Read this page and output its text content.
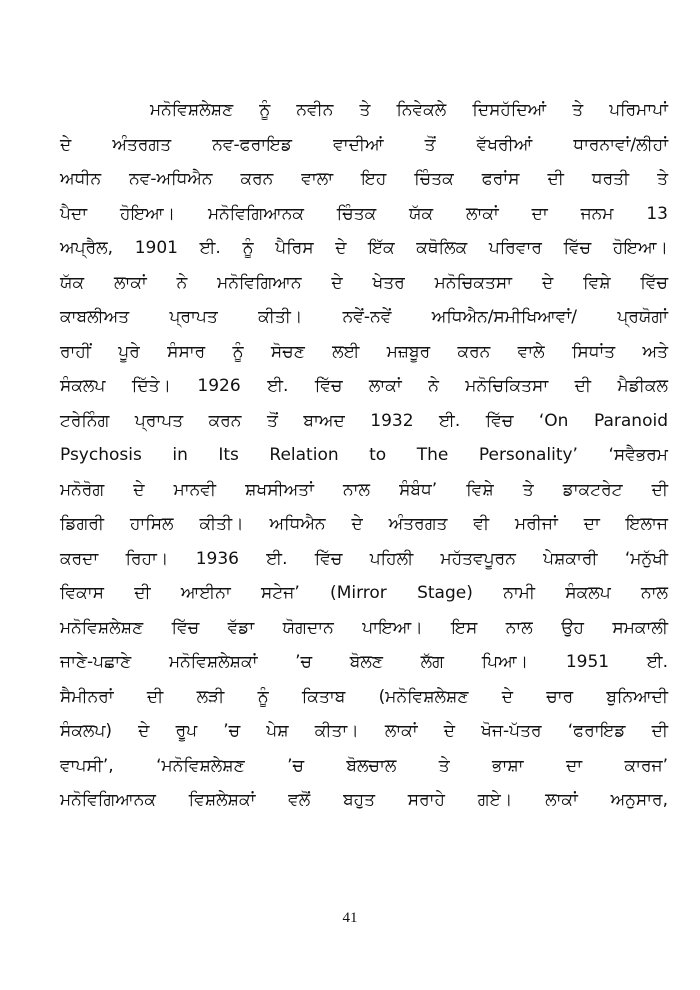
ਮਨੋਵਿਸ਼ਲੇਸ਼ਣ ਨੂੰ ਨਵੀਨ ਤੇ ਨਿਵੇਕਲੇ ਦਿਸਹੱਦਿਆਂ ਤੇ ਪਰਿਮਾਪਾਂ
ਦੇ ਅੰਤਰਗਤ ਨਵ-ਫਰਾਇਡ ਵਾਦੀਆਂ ਤੋਂ ਵੱਖਰੀਆਂ ਧਾਰਨਾਵਾਂ/ਲੀਹਾਂ
ਅਧੀਨ ਨਵ-ਅਧਿਐਨ ਕਰਨ ਵਾਲਾ ਇਹ ਚਿੰਤਕ ਫਰਾਂਸ ਦੀ ਧਰਤੀ ਤੇ
ਪੈਦਾ ਹੋਇਆ। ਮਨੋਵਿਗਿਆਨਕ ਚਿੰਤਕ ਯੱਕ ਲਾਕਾਂ ਦਾ ਜਨਮ 13
ਅਪ੍ਰੈਲ, 1901 ਈ. ਨੂੰ ਪੈਰਿਸ ਦੇ ਇੱਕ ਕਥੋਲਿਕ ਪਰਿਵਾਰ ਵਿੱਚ ਹੋਇਆ।
ਯੱਕ ਲਾਕਾਂ ਨੇ ਮਨੋਵਿਗਿਆਨ ਦੇ ਖੇਤਰ ਮਨੋਚਿਕਤਸਾ ਦੇ ਵਿਸ਼ੇ ਵਿੱਚ
ਕਾਬਲੀਅਤ ਪ੍ਰਾਪਤ ਕੀਤੀ। ਨਵੇਂ-ਨਵੇਂ ਅਧਿਐਨ/ਸਮੀਖਿਆਵਾਂ/ ਪ੍ਰਯੋਗਾਂ
ਰਾਹੀਂ ਪੂਰੇ ਸੰਸਾਰ ਨੂੰ ਸੋਚਣ ਲਈ ਮਜ਼ਬੂਰ ਕਰਨ ਵਾਲੇ ਸਿਧਾਂਤ ਅਤੇ
ਸੰਕਲਪ ਦਿੱਤੇ। 1926 ਈ. ਵਿੱਚ ਲਾਕਾਂ ਨੇ ਮਨੋਚਿਕਿਤਸਾ ਦੀ ਮੈਡੀਕਲ
ਟਰੇਨਿੰਗ ਪ੍ਰਾਪਤ ਕਰਨ ਤੋਂ ਬਾਅਦ 1932 ਈ. ਵਿੱਚ ‘On Paranoid
Psychosis in Its Relation to The Personality’ ‘ਸਵੈਭਰਮ
ਮਨੋਰੋਗ ਦੇ ਮਾਨਵੀ ਸ਼ਖਸੀਅਤਾਂ ਨਾਲ ਸੰਬੰਧ’ ਵਿਸ਼ੇ ਤੇ ਡਾਕਟਰੇਟ ਦੀ
ਡਿਗਰੀ ਹਾਸਿਲ ਕੀਤੀ। ਅਧਿਐਨ ਦੇ ਅੰਤਰਗਤ ਵੀ ਮਰੀਜਾਂ ਦਾ ਇਲਾਜ
ਕਰਦਾ ਰਿਹਾ। 1936 ਈ. ਵਿੱਚ ਪਹਿਲੀ ਮਹੱਤਵਪੂਰਨ ਪੇਸ਼ਕਾਰੀ ‘ਮਨੁੱਖੀ
ਵਿਕਾਸ ਦੀ ਆਈਨਾ ਸਟੇਜ’ (Mirror Stage) ਨਾਮੀ ਸੰਕਲਪ ਨਾਲ
ਮਨੋਵਿਸ਼ਲੇਸ਼ਣ ਵਿੱਚ ਵੱਡਾ ਯੋਗਦਾਨ ਪਾਇਆ। ਇਸ ਨਾਲ ਉਹ ਸਮਕਾਲੀ
ਜਾਣੇ-ਪਛਾਣੇ ਮਨੋਵਿਸ਼ਲੇਸ਼ਕਾਂ ’ਚ ਬੋਲਣ ਲੱਗ ਪਿਆ। 1951 ਈ.
ਸੈਮੀਨਰਾਂ ਦੀ ਲੜੀ ਨੂੰ ਕਿਤਾਬ (ਮਨੋਵਿਸ਼ਲੇਸ਼ਣ ਦੇ ਚਾਰ ਬੁਨਿਆਦੀ
ਸੰਕਲਪ) ਦੇ ਰੂਪ ’ਚ ਪੇਸ਼ ਕੀਤਾ। ਲਾਕਾਂ ਦੇ ਖੋਜ-ਪੱਤਰ ‘ਫਰਾਇਡ ਦੀ
ਵਾਪਸੀ’, ‘ਮਨੋਵਿਸ਼ਲੇਸ਼ਣ ’ਚ ਬੋਲਚਾਲ ਤੇ ਭਾਸ਼ਾ ਦਾ ਕਾਰਜ’
ਮਨੋਵਿਗਿਆਨਕ ਵਿਸ਼ਲੇਸ਼ਕਾਂ ਵਲੋਂ ਬਹੁਤ ਸਰਾਹੇ ਗਏ। ਲਾਕਾਂ ਅਨੁਸਾਰ,
41
